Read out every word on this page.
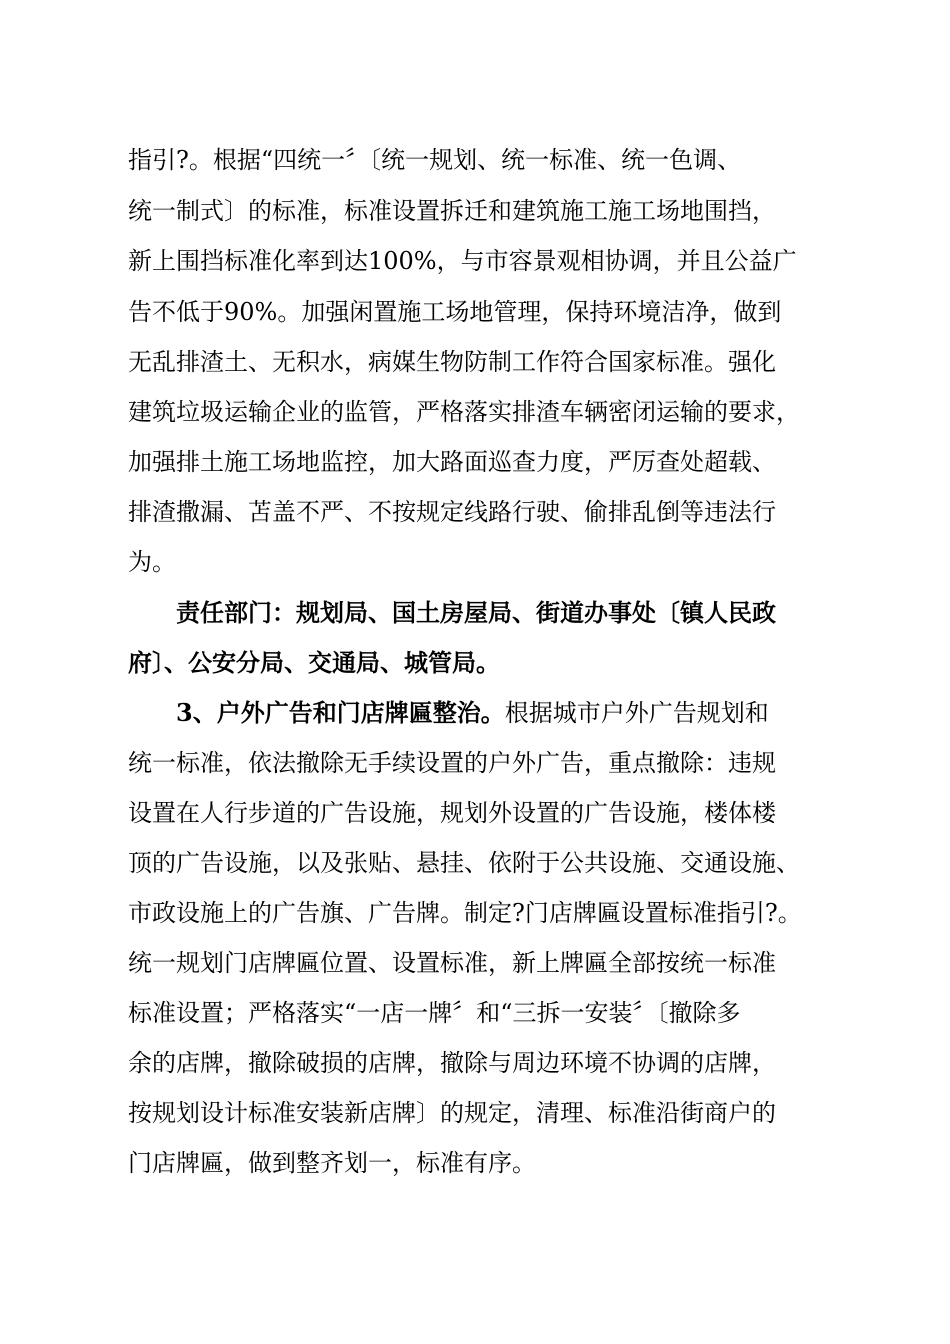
指引?。根据“四统一〞〔统一规划、统一标准、统一色调、
统一制式〕的标准，标准设置拆迁和建筑施工施工场地围挡，
新上围挡标准化率到达100%，与市容景观相协调，并且公益广
告不低于90%。加强闲置施工场地管理，保持环境洁净，做到
无乱排渣土、无积水，病媒生物防制工作符合国家标准。强化
建筑垃圾运输企业的监管，严格落实排渣车辆密闭运输的要求，
加强排土施工场地监控，加大路面巡查力度，严厉查处超载、
排渣撒漏、苫盖不严、不按规定线路行驶、偷排乱倒等违法行
为。
责任部门：规划局、国土房屋局、街道办事处〔镇人民政
府〕、公安分局、交通局、城管局。
3、户外广告和门店牌匾整治。根据城市户外广告规划和
统一标准，依法撤除无手续设置的户外广告，重点撤除：违规
设置在人行步道的广告设施，规划外设置的广告设施，楼体楼
顶的广告设施，以及张贴、悬挂、依附于公共设施、交通设施、
市政设施上的广告旗、广告牌。制定?门店牌匾设置标准指引?。
统一规划门店牌匾位置、设置标准，新上牌匾全部按统一标准
标准设置；严格落实“一店一牌〞和“三拆一安装〞〔撤除多
余的店牌，撤除破损的店牌，撤除与周边环境不协调的店牌，
按规划设计标准安装新店牌〕的规定，清理、标准沿街商户的
门店牌匾，做到整齐划一，标准有序。
